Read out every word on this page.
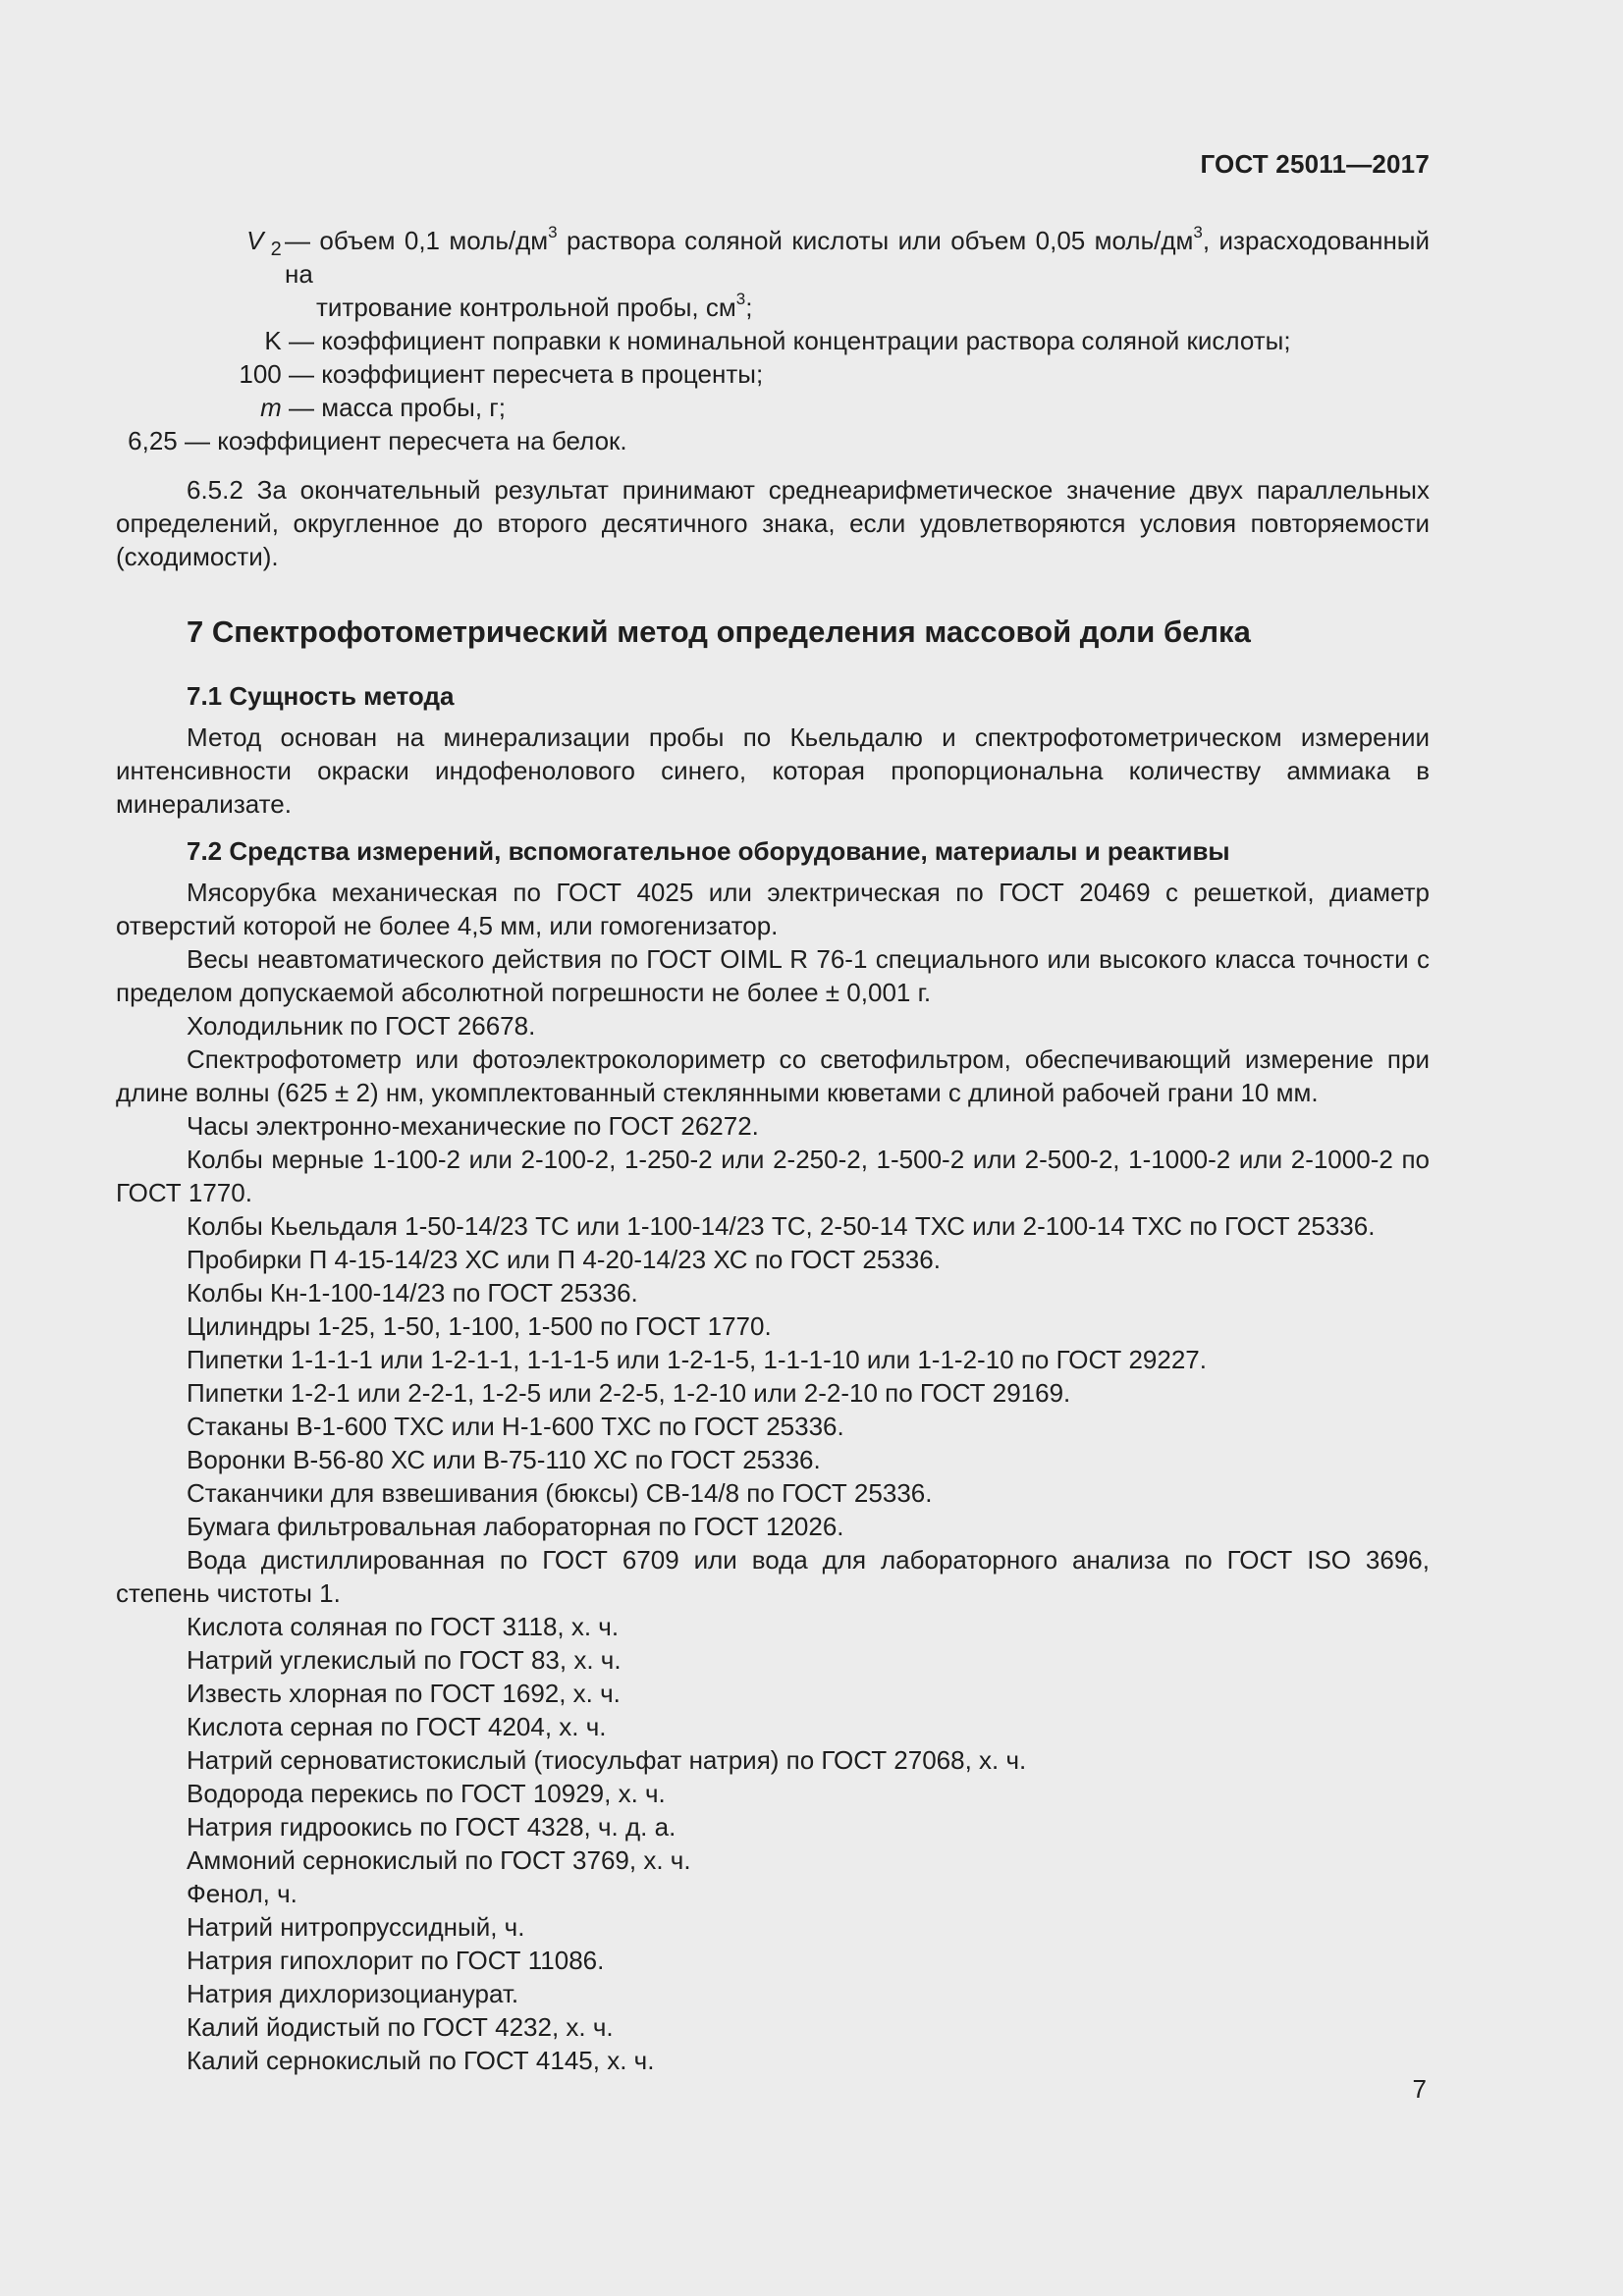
ГОСТ 25011—2017
V $_2$ — объем 0,1 моль/$дм^3$ раствора соляной кислоты или объем 0,05 моль/$дм^3$, израсходованный на
титрование контрольной пробы, $см^3$;
K — коэффициент поправки к номинальной концентрации раствора соляной кислоты;
100 — коэффициент пересчета в проценты;
m — масса пробы, г;
6,25 — коэффициент пересчета на белок.

6.5.2 За окончательный результат принимают среднеарифметическое значение двух параллельных определений, округленное до второго десятичного знака, если удовлетворяются условия повторяемости (сходимости).

7 Спектрофотометрический метод определения массовой доли белка
7.1 Сущность метода

Метод основан на минерализации пробы по Кьельдалю и спектрофотометрическом измерении интенсивности окраски индофенолового синего, которая пропорциональна количеству аммиака в минерализате.

7.2 Средства измерений, вспомогательное оборудование, материалы и реактивы

Мясорубка механическая по ГОСТ 4025 или электрическая по ГОСТ 20469 с решеткой, диаметр отверстий которой не более 4,5 мм, или гомогенизатор.

Весы неавтоматического действия по ГОСТ OIML R 76-1 специального или высокого класса точности с пределом допускаемой абсолютной погрешности не более ± 0,001 г.

Холодильник по ГОСТ 26678.

Спектрофотометр или фотоэлектроколориметр со светофильтром, обеспечивающий измерение при длине волны (625 ± 2) нм, укомплектованный стеклянными кюветами с длиной рабочей грани 10 мм.

Часы электронно-механические по ГОСТ 26272.

Колбы мерные 1-100-2 или 2-100-2, 1-250-2 или 2-250-2, 1-500-2 или 2-500-2, 1-1000-2 или 2-1000-2 по ГОСТ 1770.

Колбы Кьельдаля 1-50-14/23 ТС или 1-100-14/23 ТС, 2-50-14 ТХС или 2-100-14 ТХС по ГОСТ 25336.

Пробирки П 4-15-14/23 ХС или П 4-20-14/23 ХС по ГОСТ 25336.

Колбы Кн-1-100-14/23 по ГОСТ 25336.

Цилиндры 1-25, 1-50, 1-100, 1-500 по ГОСТ 1770.

Пипетки 1-1-1-1 или 1-2-1-1, 1-1-1-5 или 1-2-1-5, 1-1-1-10 или 1-1-2-10 по ГОСТ 29227.

Пипетки 1-2-1 или 2-2-1, 1-2-5 или 2-2-5, 1-2-10 или 2-2-10 по ГОСТ 29169.

Стаканы В-1-600 ТХС или Н-1-600 ТХС по ГОСТ 25336.

Воронки В-56-80 ХС или В-75-110 ХС по ГОСТ 25336.

Стаканчики для взвешивания (бюксы) СВ-14/8 по ГОСТ 25336.

Бумага фильтровальная лабораторная по ГОСТ 12026.

Вода дистиллированная по ГОСТ 6709 или вода для лабораторного анализа по ГОСТ ISO 3696, степень чистоты 1.

Кислота соляная по ГОСТ 3118, х. ч.

Натрий углекислый по ГОСТ 83, х. ч.

Известь хлорная по ГОСТ 1692, х. ч.

Кислота серная по ГОСТ 4204, х. ч.

Натрий серноватистокислый (тиосульфат натрия) по ГОСТ 27068, х. ч.

Водорода перекись по ГОСТ 10929, х. ч.

Натрия гидроокись по ГОСТ 4328, ч. д. а.

Аммоний сернокислый по ГОСТ 3769, х. ч.

Фенол, ч.

Натрий нитропруссидный, ч.

Натрия гипохлорит по ГОСТ 11086.

Натрия дихлоризоцианурат.

Калий йодистый по ГОСТ 4232, х. ч.

Калий сернокислый по ГОСТ 4145, х. ч.

7
